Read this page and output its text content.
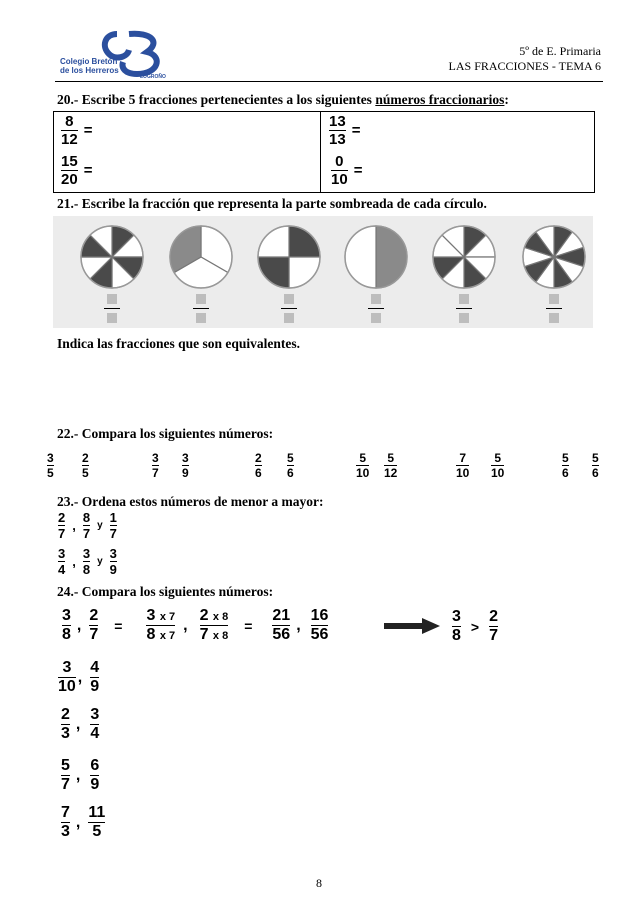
Colegio Bretón
de los Herreros
LOGROÑO
5º de E. Primaria
LAS FRACCIONES - TEMA 6
20.- Escribe 5 fracciones pertenecientes a los siguientes números fraccionarios:
$\frac{8}{12}$ =	$\frac{13}{13}$ =
$\frac{15}{20}$ =	$\frac{0}{10}$ =
21.- Escribe la fracción que representa la parte sombreada de cada círculo.
Indica las fracciones que son equivalentes.
22.- Compara los siguientes números:
3
5
2
5
3
7
3
9
2
6
5
6
5
10
5
12
7
10
5
10
5
6
5
6
23.- Ordena estos números de menor a mayor:
$\frac{2}{7}$ , $\frac{8}{7}$ y $\frac{1}{7}$
$\frac{3}{4}$ , $\frac{3}{8}$ y $\frac{3}{9}$
24.- Compara los siguientes números:
$\frac{3}{8}$ , $\frac{2}{7} = \frac{3 x 7}{8 x 7}$ , $\frac{2 x 8}{7 x 8} = \frac{21}{56}$ , $\frac{16}{56}$	$\frac{3}{8} > \frac{2}{7}$
$\frac{3}{10}$ , $\frac{4}{9}$
$\frac{2}{3}$ , $\frac{3}{4}$
$\frac{5}{7}$ , $\frac{6}{9}$
$\frac{7}{3}$ , $\frac{11}{5}$
8
